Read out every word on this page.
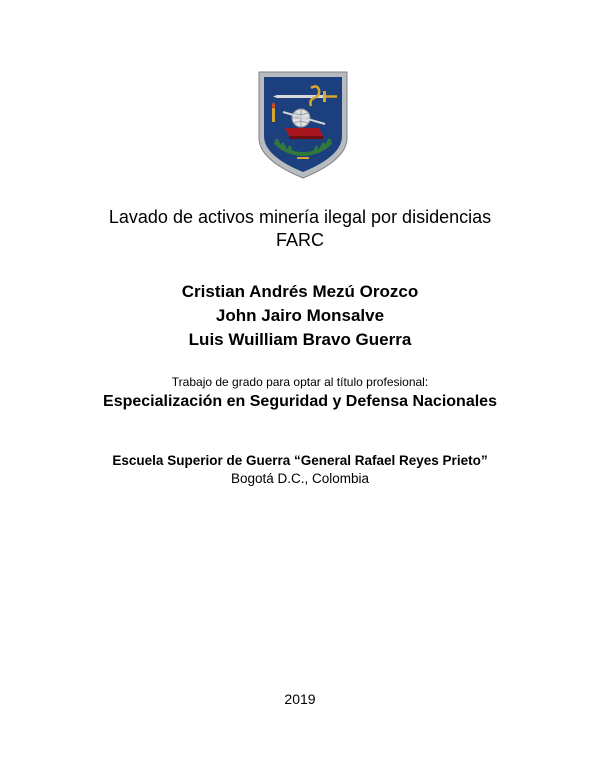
Lavado de activos minería ilegal por disidencias
FARC
Cristian Andrés Mezú Orozco
John Jairo Monsalve
Luis Wuilliam Bravo Guerra
Trabajo de grado para optar al título profesional:
Especialización en Seguridad y Defensa Nacionales
Escuela Superior de Guerra “General Rafael Reyes Prieto”
Bogotá D.C., Colombia
2019
